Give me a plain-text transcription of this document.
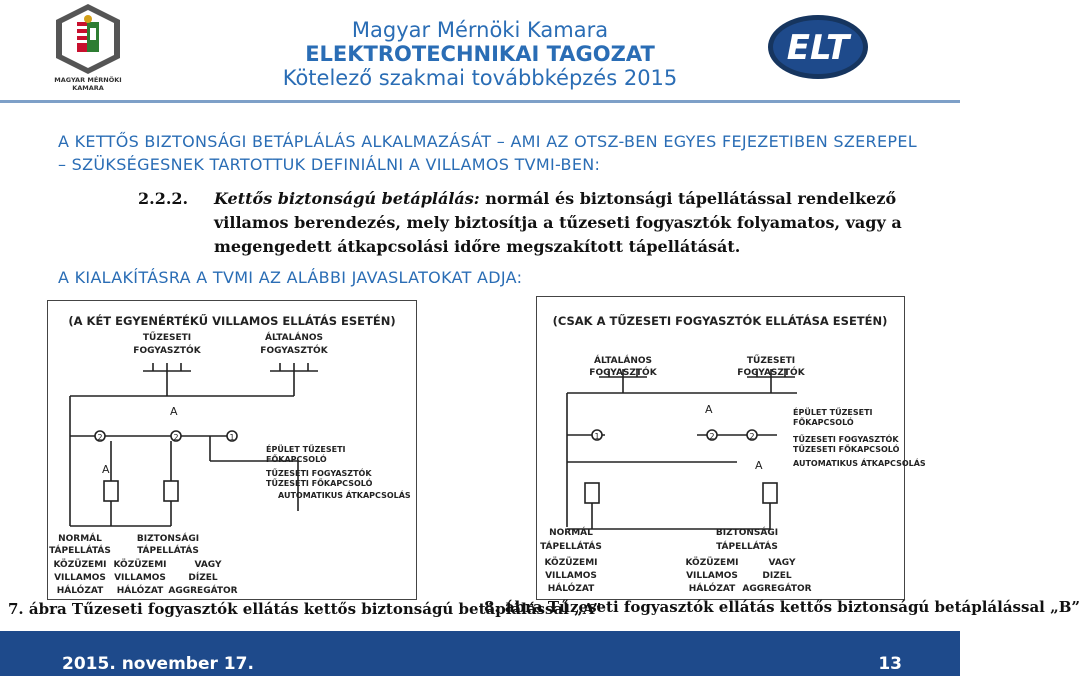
MAGYAR MÉRNÖKI
KAMARA
Magyar Mérnöki Kamara
ELEKTROTECHNIKAI TAGOZAT
Kötelező szakmai továbbképzés 2015
ELT
A KETTŐS BIZTONSÁGI BETÁPLÁLÁS ALKALMAZÁSÁT – AMI AZ OTSZ-BEN EGYES FEJEZETIBEN SZEREPEL – SZÜKSÉGESNEK TARTOTTUK DEFINIÁLNI A VILLAMOS TVMI-BEN:
2.2.2. Kettős biztonságú betáplálás: normál és biztonsági tápellátással rendelkező villamos berendezés, mely biztosítja a tűzeseti fogyasztók folyamatos, vagy a megengedett átkapcsolási időre megszakított tápellátását.
A KIALAKÍTÁSRA A TVMI AZ ALÁBBI JAVASLATOKAT ADJA:
(A KÉT EGYENÉRTÉKŰ VILLAMOS ELLÁTÁS ESETÉN)
TŰZESETI
FOGYASZTÓK
ÁLTALÁNOS
FOGYASZTÓK
2	2	1
A
A
ÉPÜLET TŰZESETI
FŐKAPCSOLÓ
TŰZESETI FOGYASZTÓK
TŰZESETI FŐKAPCSOLÓ
AUTOMATIKUS ÁTKAPCSOLÁS
NORMÁL
TÁPELLÁTÁS
KÖZÜZEMI
VILLAMOS
HÁLÓZAT
BIZTONSÁGI
TÁPELLÁTÁS
KÖZÜZEMI
VILLAMOS
HÁLÓZAT
VAGY
DÍZEL
AGGREGÁTOR
(CSAK A TŰZESETI FOGYASZTÓK ELLÁTÁSA ESETÉN)
ÁLTALÁNOS
FOGYASZTÓK
TŰZESETI
FOGYASZTÓK
1	2	2
A
A
ÉPÜLET TŰZESETI
FŐKAPCSOLÓ
TŰZESETI FOGYASZTÓK
TŰZESETI FŐKAPCSOLÓ
AUTOMATIKUS ÁTKAPCSOLÁS
NORMÁL
TÁPELLÁTÁS
KÖZÜZEMI
VILLAMOS
HÁLÓZAT
BIZTONSÁGI
TÁPELLÁTÁS
KÖZÜZEMI
VILLAMOS
HÁLÓZAT
VAGY
DIZEL
AGGREGÁTOR
7. ábra Tűzeseti fogyasztók ellátás kettős biztonságú betáplálással „A”
8. ábra Tűzeseti fogyasztók ellátás kettős biztonságú betáplálással „B”
2015. november 17.	13
